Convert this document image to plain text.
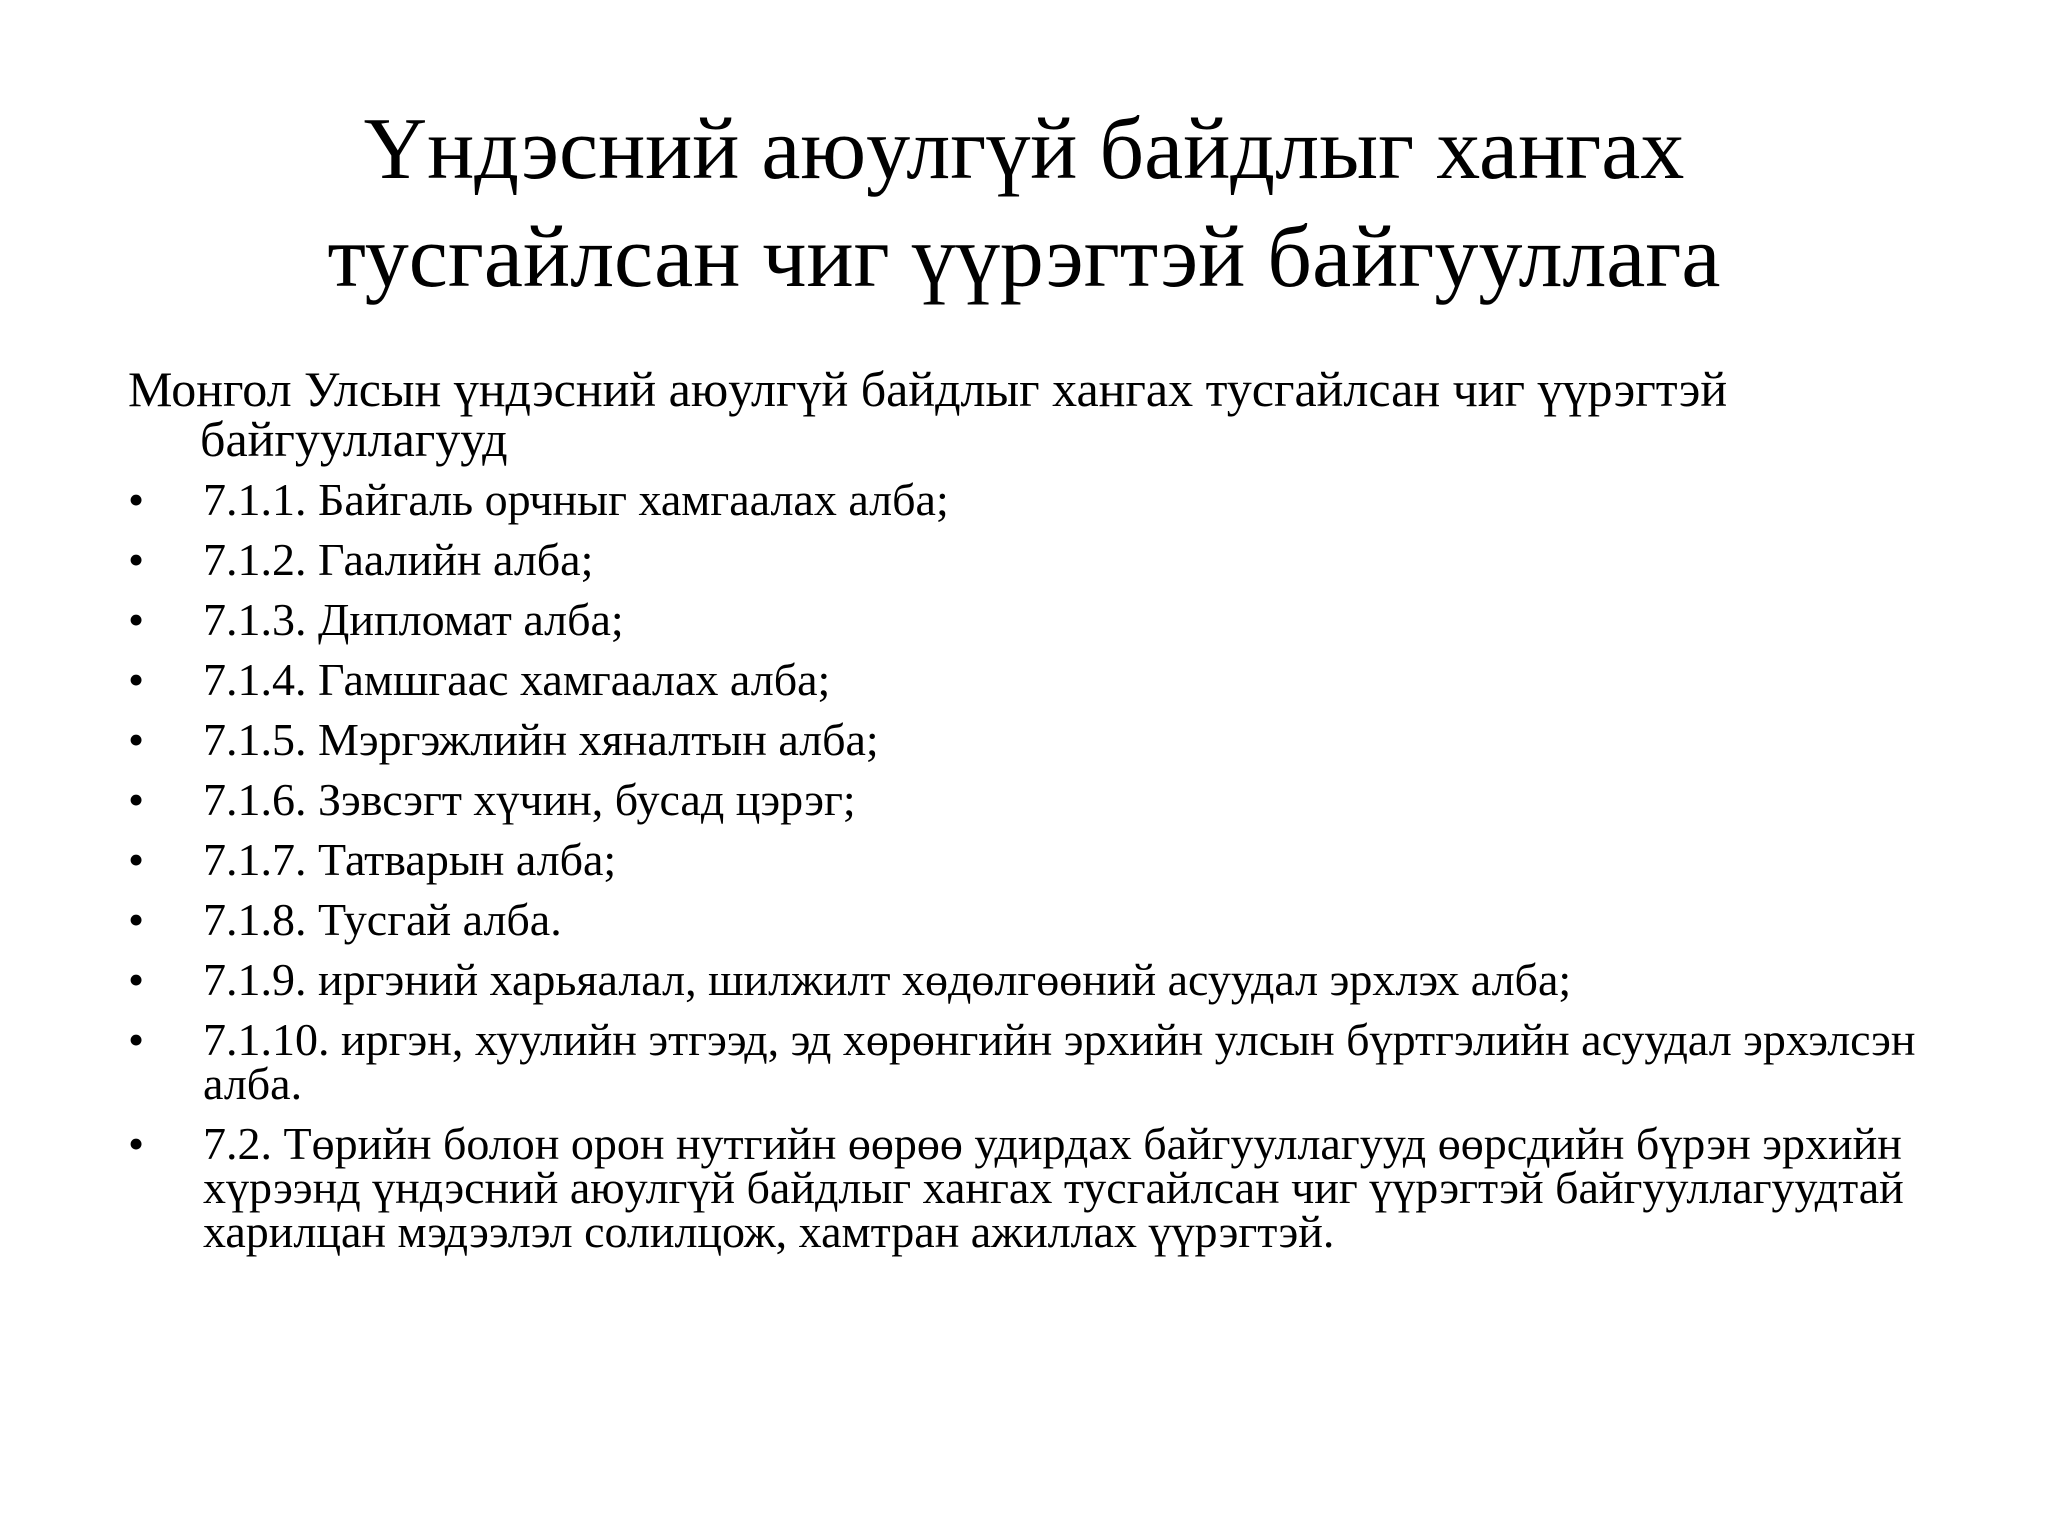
Үндэсний аюулгүй байдлыг хангах
тусгайлсан чиг үүрэгтэй байгууллага

Монгол Улсын үндэсний аюулгүй байдлыг хангах тусгайлсан чиг үүрэгтэй байгууллагууд

•	7.1.1. Байгаль орчныг хамгаалах алба;
•	7.1.2. Гаалийн алба;
•	7.1.3. Дипломат алба;
•	7.1.4. Гамшгаас хамгаалах алба;
•	7.1.5. Мэргэжлийн хяналтын алба;
•	7.1.6. Зэвсэгт хүчин, бусад цэрэг;
•	7.1.7. Татварын алба;
•	7.1.8. Тусгай алба.
•	7.1.9. иргэний харьяалал, шилжилт хөдөлгөөний асуудал эрхлэх алба;
•	7.1.10. иргэн, хуулийн этгээд, эд хөрөнгийн эрхийн улсын бүртгэлийн асуудал эрхэлсэн алба.
•	7.2. Төрийн болон орон нутгийн өөрөө удирдах байгууллагууд өөрсдийн бүрэн эрхийн хүрээнд үндэсний аюулгүй байдлыг хангах тусгайлсан чиг үүрэгтэй байгууллагуудтай харилцан мэдээлэл солилцож, хамтран ажиллах үүрэгтэй.
